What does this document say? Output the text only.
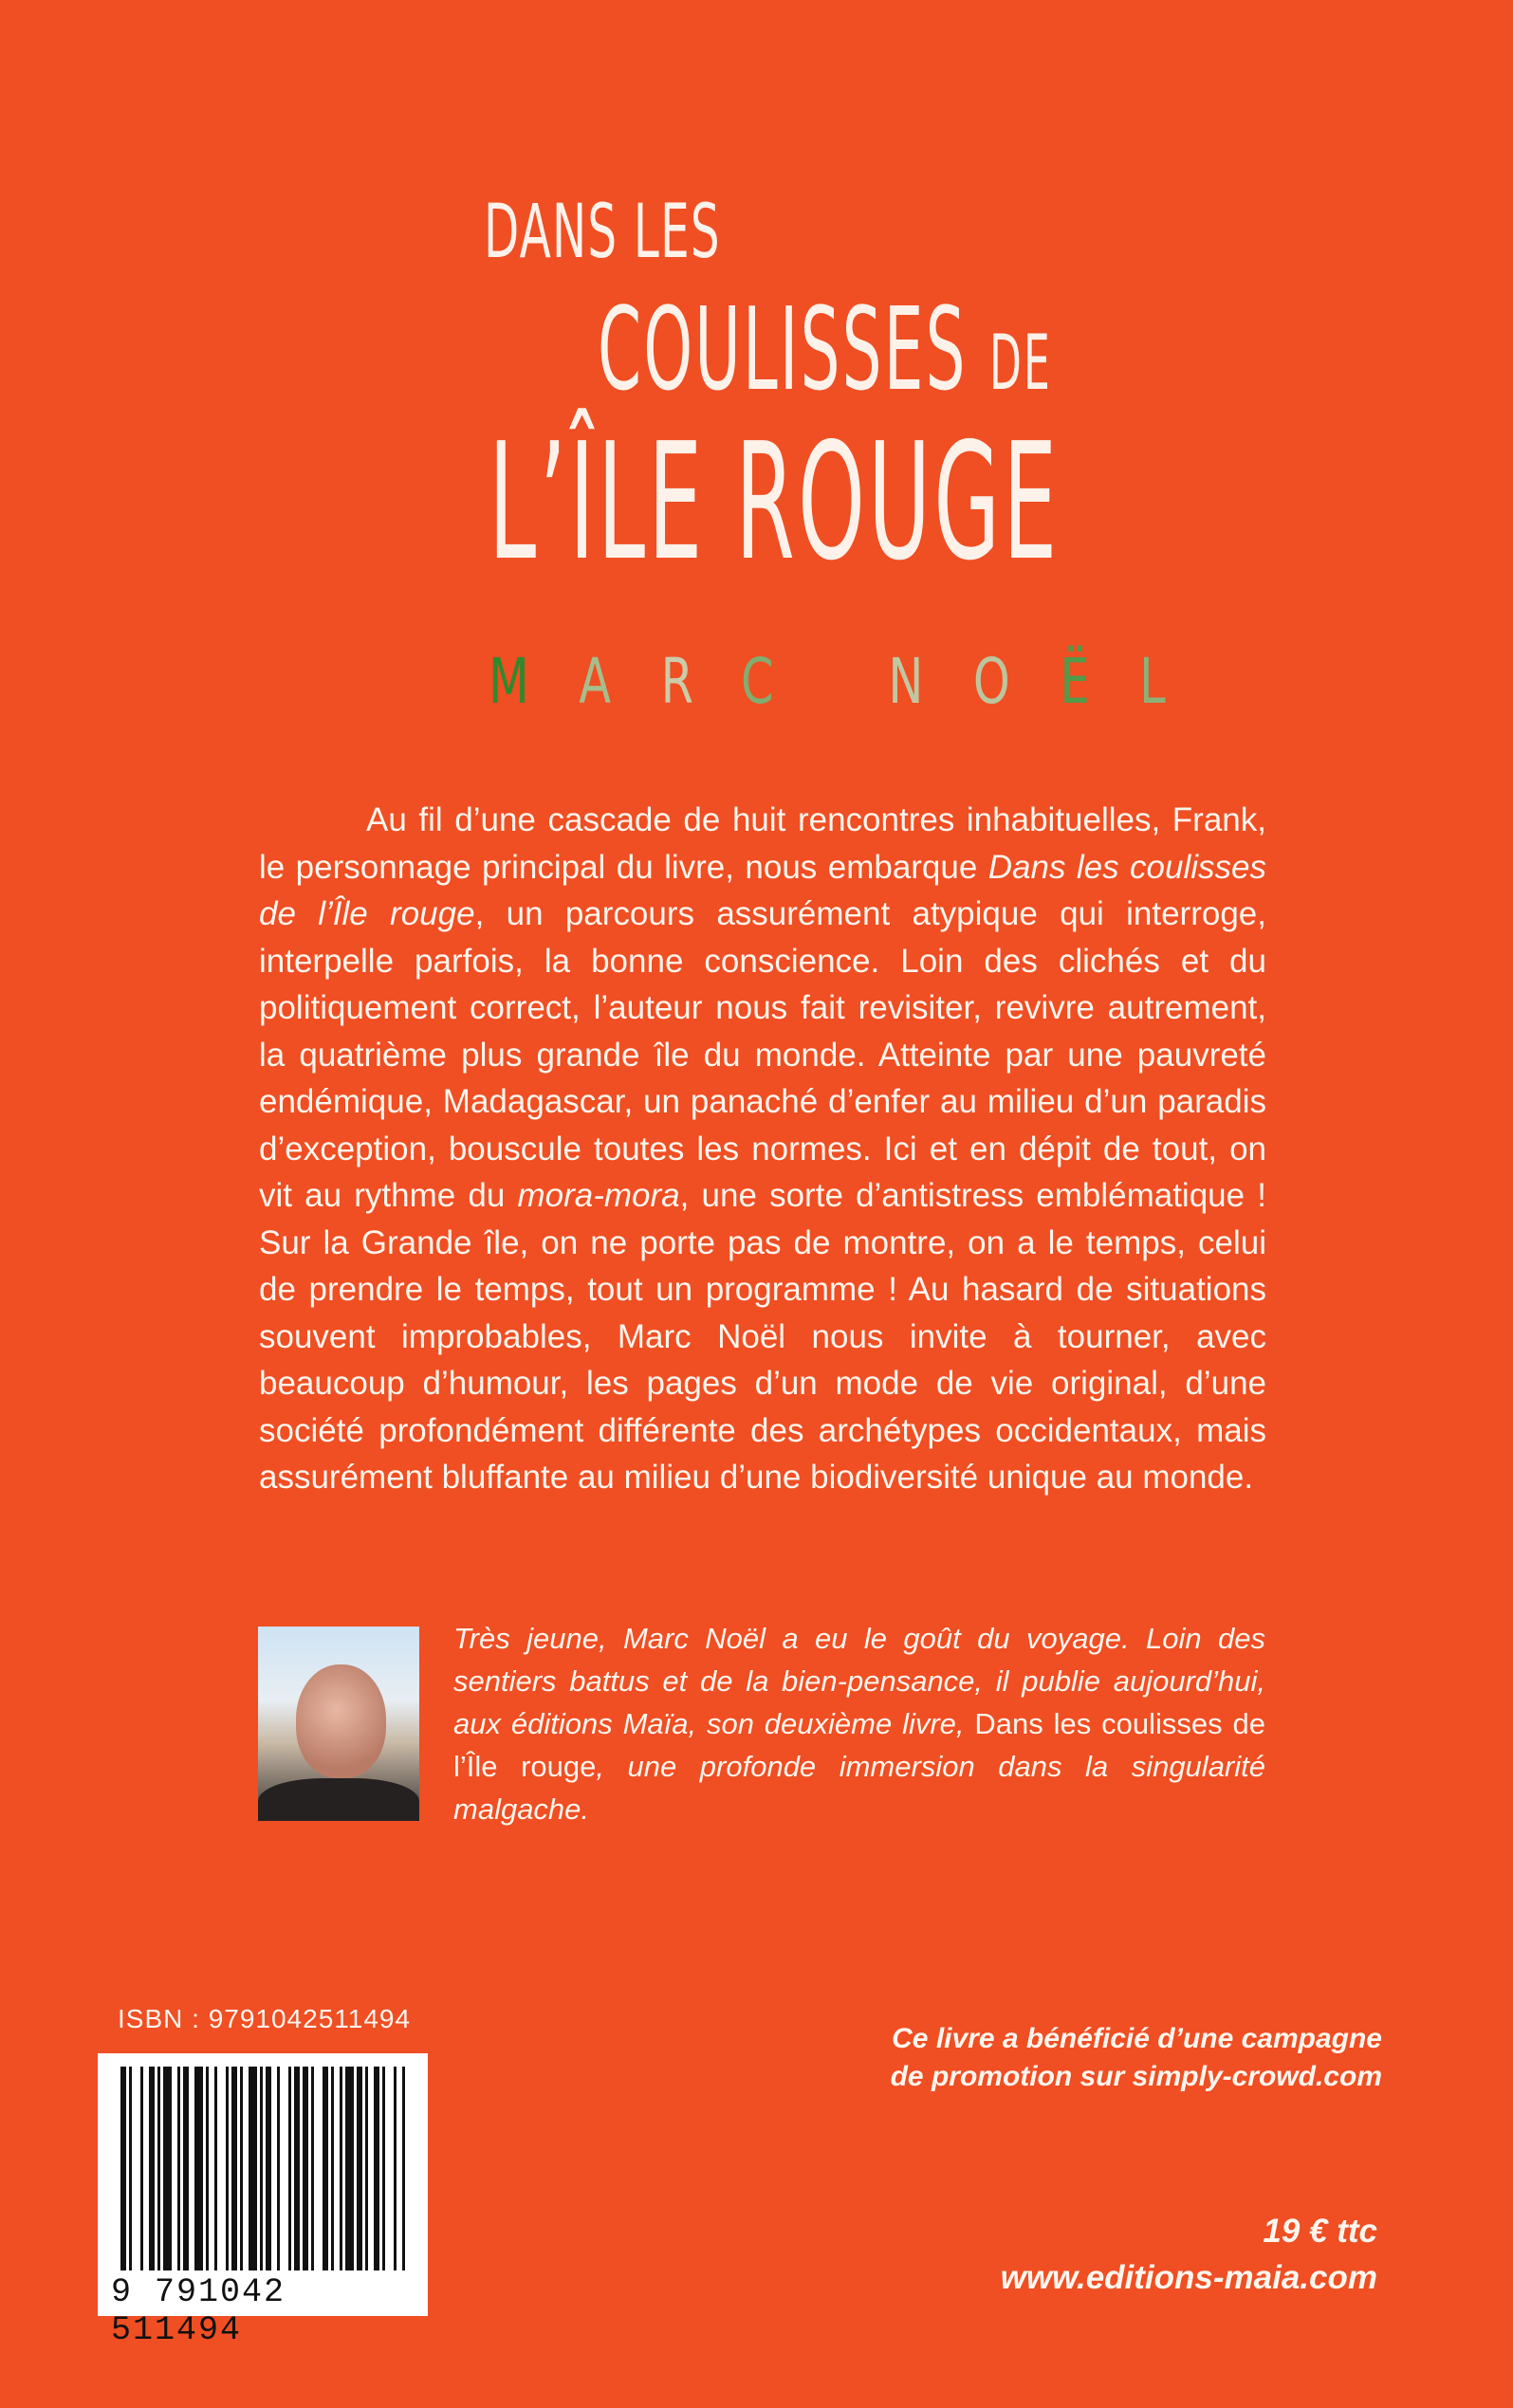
DANS LES
COULISSES DE
L’ÎLE ROUGE
MARC NOËL

Au fil d’une cascade de huit rencontres inhabituelles, Frank, le personnage principal du livre, nous embarque Dans les coulisses de l’Île rouge, un parcours assurément atypique qui interroge, interpelle parfois, la bonne conscience. Loin des clichés et du politiquement correct, l’auteur nous fait revisiter, revivre autrement, la quatrième plus grande île du monde. Atteinte par une pauvreté endémique, Madagascar, un panaché d’enfer au milieu d’un paradis d’exception, bouscule toutes les normes. Ici et en dépit de tout, on vit au rythme du mora-mora, une sorte d’antistress emblématique ! Sur la Grande île, on ne porte pas de montre, on a le temps, celui de prendre le temps, tout un programme ! Au hasard de situations souvent improbables, Marc Noël nous invite à tourner, avec beaucoup d’humour, les pages d’un mode de vie original, d’une société profondément différente des archétypes occidentaux, mais assurément bluffante au milieu d’une biodiversité unique au monde.

Très jeune, Marc Noël a eu le goût du voyage. Loin des sentiers battus et de la bien-pensance, il publie aujourd’hui, aux éditions Maïa, son deuxième livre, Dans les coulisses de l’Île rouge, une profonde immersion dans la singularité malgache.

ISBN : 9791042511494
9 791042 511494
Ce livre a bénéficié d’une campagne
de promotion sur simply-crowd.com
19 € ttc
www.editions-maia.com
